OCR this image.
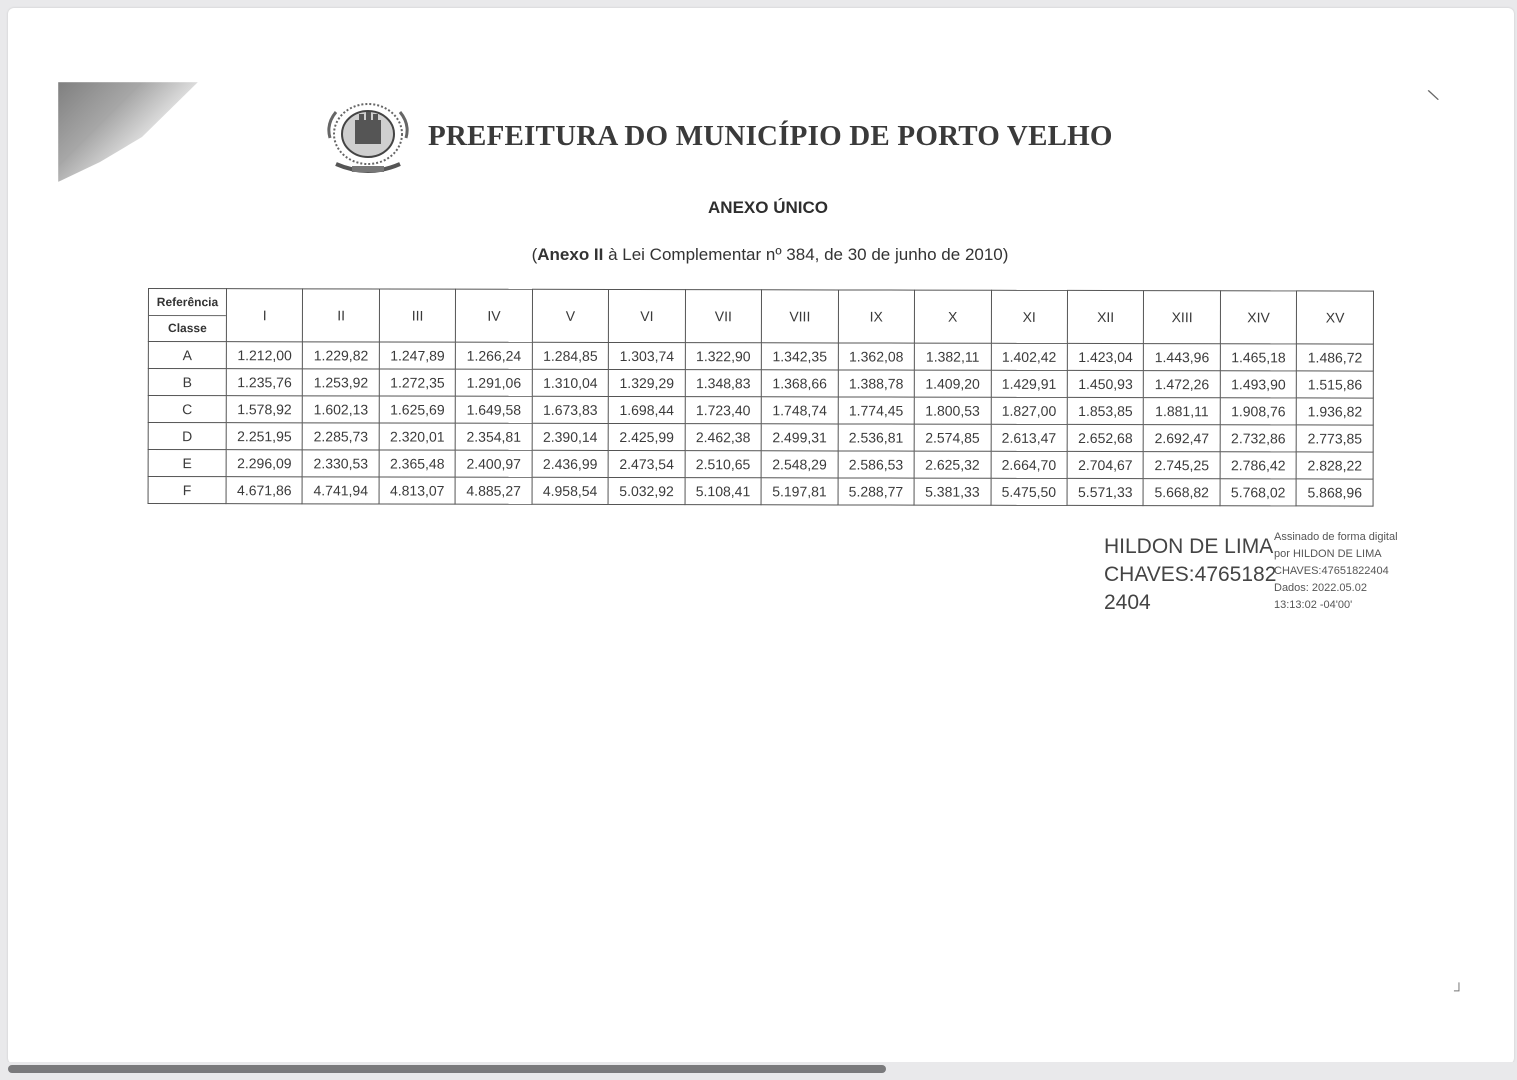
PREFEITURA DO MUNICÍPIO DE PORTO VELHO
ANEXO ÚNICO
(Anexo II à Lei Complementar nº 384, de 30 de junho de 2010)
Referência
Classe	I	II	III	IV	V	VI	VII	VIII	IX	X	XI	XII	XIII	XIV	XV
A	1.212,00	1.229,82	1.247,89	1.266,24	1.284,85	1.303,74	1.322,90	1.342,35	1.362,08	1.382,11	1.402,42	1.423,04	1.443,96	1.465,18	1.486,72
B	1.235,76	1.253,92	1.272,35	1.291,06	1.310,04	1.329,29	1.348,83	1.368,66	1.388,78	1.409,20	1.429,91	1.450,93	1.472,26	1.493,90	1.515,86
C	1.578,92	1.602,13	1.625,69	1.649,58	1.673,83	1.698,44	1.723,40	1.748,74	1.774,45	1.800,53	1.827,00	1.853,85	1.881,11	1.908,76	1.936,82
D	2.251,95	2.285,73	2.320,01	2.354,81	2.390,14	2.425,99	2.462,38	2.499,31	2.536,81	2.574,85	2.613,47	2.652,68	2.692,47	2.732,86	2.773,85
E	2.296,09	2.330,53	2.365,48	2.400,97	2.436,99	2.473,54	2.510,65	2.548,29	2.586,53	2.625,32	2.664,70	2.704,67	2.745,25	2.786,42	2.828,22
F	4.671,86	4.741,94	4.813,07	4.885,27	4.958,54	5.032,92	5.108,41	5.197,81	5.288,77	5.381,33	5.475,50	5.571,33	5.668,82	5.768,02	5.868,96
HILDON DE LIMA
CHAVES:4765182
2404
Assinado de forma digital
por HILDON DE LIMA
CHAVES:47651822404
Dados: 2022.05.02
13:13:02 -04'00'
∖
┘
